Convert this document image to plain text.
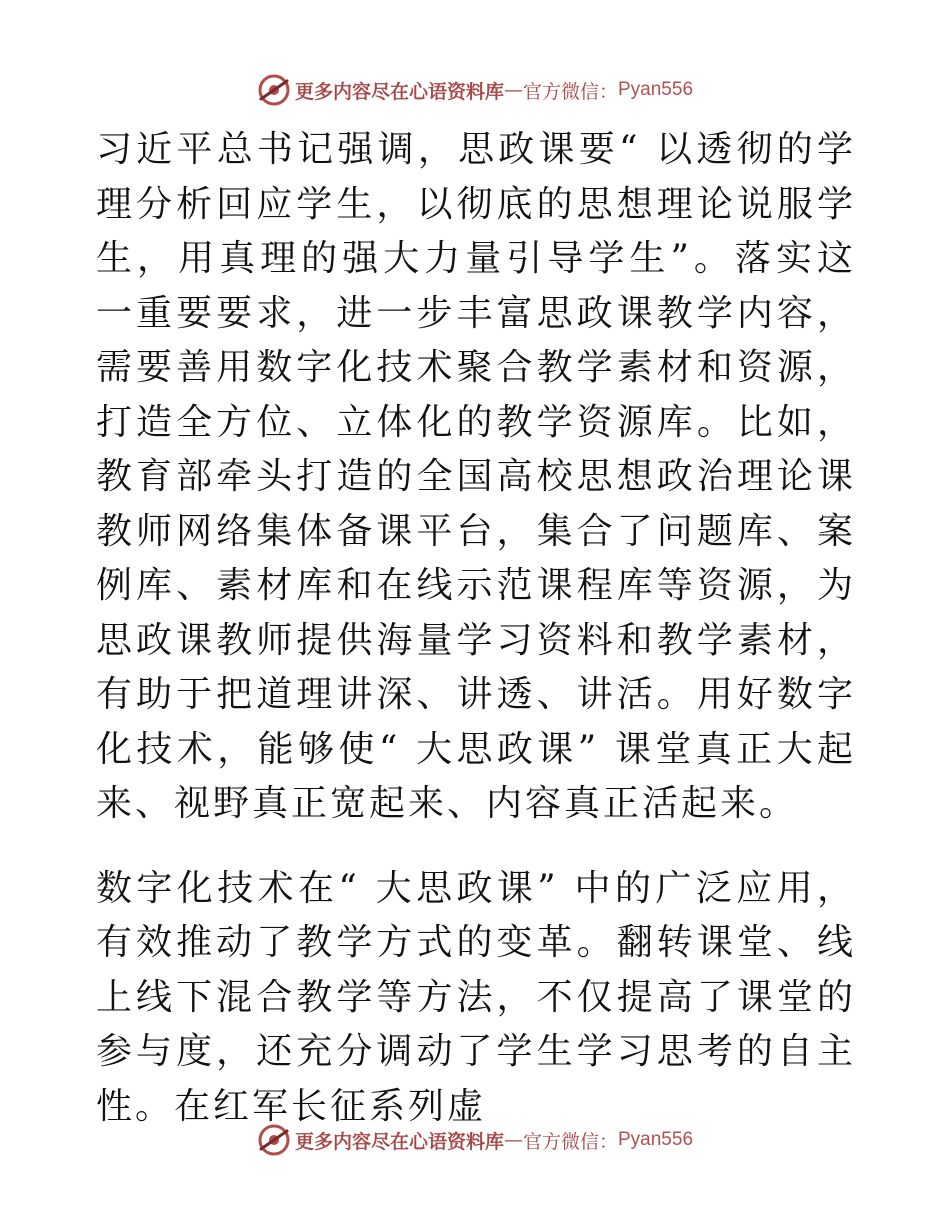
更多内容尽在心语资料库 — 官方微信： Pyan556

习近平总书记强调，思政课要“ 以透彻的学理分析回应学生，以彻底的思想理论说服学生，用真理的强大力量引导学生”。落实这一重要要求，进一步丰富思政课教学内容，需要善用数字化技术聚合教学素材和资源，打造全方位、立体化的教学资源库。比如，教育部牵头打造的全国高校思想政治理论课教师网络集体备课平台，集合了问题库、案例库、素材库和在线示范课程库等资源，为思政课教师提供海量学习资料和教学素材，有助于把道理讲深、讲透、讲活。用好数字化技术，能够使“ 大思政课” 课堂真正大起来、视野真正宽起来、内容真正活起来。

数字化技术在“ 大思政课” 中的广泛应用，有效推动了教学方式的变革。翻转课堂、线上线下混合教学等方法，不仅提高了课堂的参与度，还充分调动了学生学习思考的自主性。在红军长征系列虚

更多内容尽在心语资料库 — 官方微信： Pyan556
